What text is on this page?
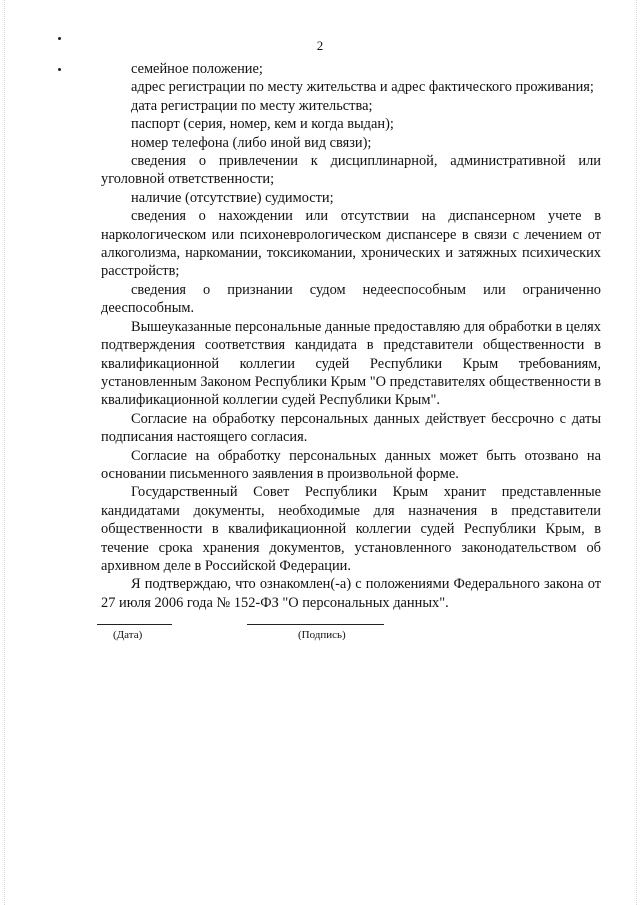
2

семейное положение;

адрес регистрации по месту жительства и адрес фактического проживания;

дата регистрации по месту жительства;

паспорт (серия, номер, кем и когда выдан);

номер телефона (либо иной вид связи);

сведения о привлечении к дисциплинарной, административной или уголовной ответственности;

наличие (отсутствие) судимости;

сведения о нахождении или отсутствии на диспансерном учете в наркологическом или психоневрологическом диспансере в связи с лечением от алкоголизма, наркомании, токсикомании, хронических и затяжных психических расстройств;

сведения о признании судом недееспособным или ограниченно дееспособным.

Вышеуказанные персональные данные предоставляю для обработки в целях подтверждения соответствия кандидата в представители общественности в квалификационной коллегии судей Республики Крым требованиям, установленным Законом Республики Крым "О представителях общественности в квалификационной коллегии судей Республики Крым".

Согласие на обработку персональных данных действует бессрочно с даты подписания настоящего согласия.

Согласие на обработку персональных данных может быть отозвано на основании письменного заявления в произвольной форме.

Государственный Совет Республики Крым хранит представленные кандидатами документы, необходимые для назначения в представители общественности в квалификационной коллегии судей Республики Крым, в течение срока хранения документов, установленного законодательством об архивном деле в Российской Федерации.

Я подтверждаю, что ознакомлен(-а) с положениями Федерального закона от 27 июля 2006 года № 152-ФЗ "О персональных данных".

(Дата)	(Подпись)
